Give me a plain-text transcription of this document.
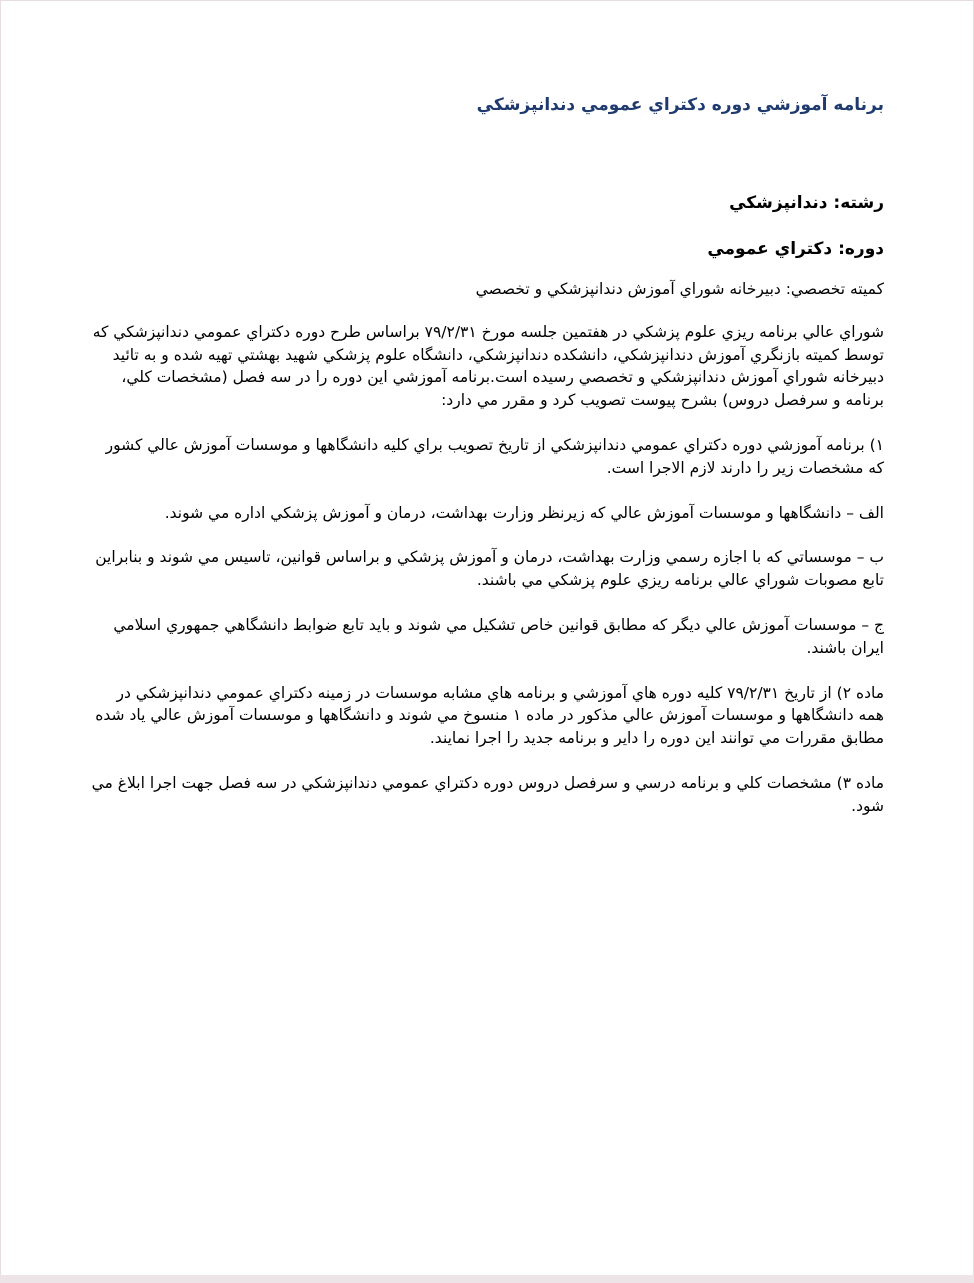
برنامه آموزشي دوره دكتراي عمومي دندانپزشكي

رشته: دندانپزشكي

دوره: دكتراي عمومي

كميته تخصصي: دبيرخانه شوراي آموزش دندانپزشكي و تخصصي

شوراي عالي برنامه ريزي علوم پزشكي در هفتمين جلسه مورخ ۷۹/۲/۳۱ براساس طرح دوره دكتراي عمومي دندانپزشكي كه توسط كميته بازنگري آموزش دندانپزشكي، دانشكده دندانپزشكي، دانشگاه علوم پزشكي شهيد بهشتي تهيه شده و به تائيد دبيرخانه شوراي آموزش دندانپزشكي و تخصصي رسيده است.برنامه آموزشي اين دوره را در سه فصل (مشخصات كلي، برنامه و سرفصل دروس) بشرح پيوست تصويب كرد و مقرر مي دارد:

۱) برنامه آموزشي دوره دكتراي عمومي دندانپزشكي از تاريخ تصويب براي كليه دانشگاهها و موسسات آموزش عالي كشور كه مشخصات زير را دارند لازم الاجرا است.

الف – دانشگاهها و موسسات آموزش عالي كه زيرنظر وزارت بهداشت، درمان و آموزش پزشكي اداره مي شوند.

ب – موسساتي كه با اجازه رسمي وزارت بهداشت، درمان و آموزش پزشكي و براساس قوانين، تاسيس مي شوند و بنابراين تابع مصوبات شوراي عالي برنامه ريزي علوم پزشكي مي باشند.

ج – موسسات آموزش عالي ديگر كه مطابق قوانين خاص تشكيل مي شوند و بايد تابع ضوابط دانشگاهي جمهوري اسلامي ايران باشند.

ماده ۲) از تاريخ ۷۹/۲/۳۱ كليه دوره هاي آموزشي و برنامه هاي مشابه موسسات در زمينه دكتراي عمومي دندانپزشكي در همه دانشگاهها و موسسات آموزش عالي مذكور در ماده ۱ منسوخ مي شوند و دانشگاهها و موسسات آموزش عالي ياد شده مطابق مقررات مي توانند اين دوره را داير و برنامه جديد را اجرا نمايند.

ماده ۳) مشخصات كلي و برنامه درسي و سرفصل دروس دوره دكتراي عمومي دندانپزشكي در سه فصل جهت اجرا ابلاغ مي شود.
